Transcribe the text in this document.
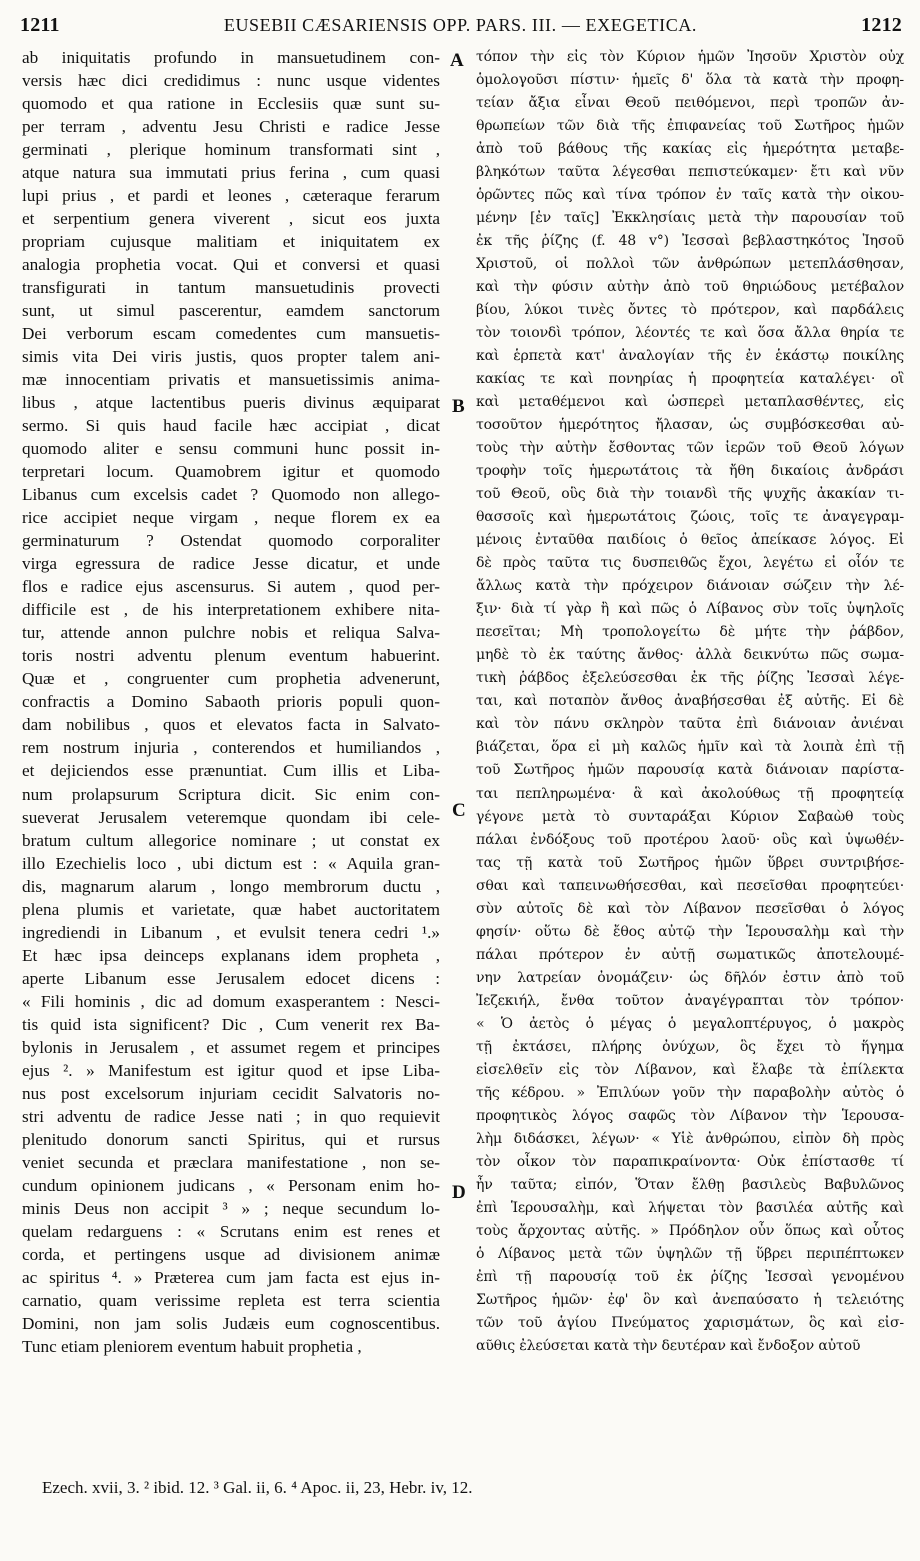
1211	EUSEBII CÆSARIENSIS OPP. PARS. III. — EXEGETICA.	1212
ab iniquitatis profundo in mansuetudinem con-
versis hæc dici credidimus : nunc usque videntes
quomodo et qua ratione in Ecclesiis quæ sunt su-
per terram , adventu Jesu Christi e radice Jesse
germinati , plerique hominum transformati sint ,
atque natura sua immutati prius ferina , cum quasi
lupi prius , et pardi et leones , cæteraque ferarum
et serpentium genera viverent , sicut eos juxta
propriam cujusque malitiam et iniquitatem ex
analogia prophetia vocat. Qui et conversi et quasi
transfigurati in tantum mansuetudinis provecti
sunt, ut simul pascerentur, eamdem sanctorum
Dei verborum escam comedentes cum mansuetis-
simis vita Dei viris justis, quos propter talem ani-
mæ innocentiam privatis et mansuetissimis anima-
libus , atque lactentibus pueris divinus æquiparat
sermo. Si quis haud facile hæc accipiat , dicat
quomodo aliter e sensu communi hunc possit in-
terpretari locum. Quamobrem igitur et quomodo
Libanus cum excelsis cadet ? Quomodo non allego-
rice accipiet neque virgam , neque florem ex ea
germinaturum ? Ostendat quomodo corporaliter
virga egressura de radice Jesse dicatur, et unde
flos e radice ejus ascensurus. Si autem , quod per-
difficile est , de his interpretationem exhibere nita-
tur, attende annon pulchre nobis et reliqua Salva-
toris nostri adventu plenum eventum habuerint.
Quæ et , congruenter cum prophetia advenerunt,
confractis a Domino Sabaoth prioris populi quon-
dam nobilibus , quos et elevatos facta in Salvato-
rem nostrum injuria , conterendos et humiliandos ,
et dejiciendos esse prænuntiat. Cum illis et Liba-
num prolapsurum Scriptura dicit. Sic enim con-
sueverat Jerusalem veteremque quondam ibi cele-
bratum cultum allegorice nominare ; ut constat ex
illo Ezechielis loco , ubi dictum est : « Aquila gran-
dis, magnarum alarum , longo membrorum ductu ,
plena plumis et varietate, quæ habet auctoritatem
ingrediendi in Libanum , et evulsit tenera cedri ¹.»
Et hæc ipsa deinceps explanans idem propheta ,
aperte Libanum esse Jerusalem edocet dicens :
« Fili hominis , dic ad domum exasperantem : Nesci-
tis quid ista significent? Dic , Cum venerit rex Ba-
bylonis in Jerusalem , et assumet regem et principes
ejus ². » Manifestum est igitur quod et ipse Liba-
nus post excelsorum injuriam cecidit Salvatoris no-
stri adventu de radice Jesse nati ; in quo requievit
plenitudo donorum sancti Spiritus, qui et rursus
veniet secunda et præclara manifestatione , non se-
cundum opinionem judicans , « Personam enim ho-
minis Deus non accipit ³ » ; neque secundum lo-
quelam redarguens : « Scrutans enim est renes et
corda, et pertingens usque ad divisionem animæ
ac spiritus ⁴. » Præterea cum jam facta est ejus in-
carnatio, quam verissime repleta est terra scientia
Domini, non jam solis Judæis eum cognoscentibus.
Tunc etiam pleniorem eventum habuit prophetia ,
τόπον τὴν εἰς τὸν Κύριον ἡμῶν Ἰησοῦν Χριστὸν οὐχ
ὁμολογοῦσι πίστιν· ἡμεῖς δ' ὅλα τὰ κατὰ τὴν προφη-
τείαν ἄξια εἶναι Θεοῦ πειθόμενοι, περὶ τροπῶν ἀν-
θρωπείων τῶν διὰ τῆς ἐπιφανείας τοῦ Σωτῆρος ἡμῶν
ἀπὸ τοῦ βάθους τῆς κακίας εἰς ἡμερότητα μεταβε-
βληκότων ταῦτα λέγεσθαι πεπιστεύκαμεν· ἔτι καὶ νῦν
ὁρῶντες πῶς καὶ τίνα τρόπον ἐν ταῖς κατὰ τὴν οἰκου-
μένην [ἐν ταῖς] Ἐκκλησίαις μετὰ τὴν παρουσίαν τοῦ
ἐκ τῆς ῥίζης (f. 48 v°) Ἰεσσαὶ βεβλαστηκότος Ἰησοῦ
Χριστοῦ, οἱ πολλοὶ τῶν ἀνθρώπων μετεπλάσθησαν,
καὶ τὴν φύσιν αὐτὴν ἀπὸ τοῦ θηριώδους μετέβαλον
βίου, λύκοι τινὲς ὄντες τὸ πρότερον, καὶ παρδάλεις
τὸν τοιονδὶ τρόπον, λέοντές τε καὶ ὅσα ἄλλα θηρία τε
καὶ ἑρπετὰ κατ' ἀναλογίαν τῆς ἐν ἑκάστῳ ποικίλης
κακίας τε καὶ πονηρίας ἡ προφητεία καταλέγει· οἳ
καὶ μεταθέμενοι καὶ ὡσπερεὶ μεταπλασθέντες, εἰς
τοσοῦτον ἡμερότητος ἤλασαν, ὡς συμβόσκεσθαι αὐ-
τοὺς τὴν αὐτὴν ἔσθοντας τῶν ἱερῶν τοῦ Θεοῦ λόγων
τροφὴν τοῖς ἡμερωτάτοις τὰ ἤθη δικαίοις ἀνδράσι
τοῦ Θεοῦ, οὓς διὰ τὴν τοιανδὶ τῆς ψυχῆς ἀκακίαν τι-
θασσοῖς καὶ ἡμερωτάτοις ζώοις, τοῖς τε ἀναγεγραμ-
μένοις ἐνταῦθα παιδίοις ὁ θεῖος ἀπείκασε λόγος. Εἰ
δὲ πρὸς ταῦτα τις δυσπειθῶς ἔχοι, λεγέτω εἰ οἷόν τε
ἄλλως κατὰ τὴν πρόχειρον διάνοιαν σώζειν τὴν λέ-
ξιν· διὰ τί γὰρ ἢ καὶ πῶς ὁ Λίβανος σὺν τοῖς ὑψηλοῖς
πεσεῖται; Μὴ τροπολογείτω δὲ μήτε τὴν ῥάβδον,
μηδὲ τὸ ἐκ ταύτης ἄνθος· ἀλλὰ δεικνύτω πῶς σωμα-
τικὴ ῥάβδος ἐξελεύσεσθαι ἐκ τῆς ῥίζης Ἰεσσαὶ λέγε-
ται, καὶ ποταπὸν ἄνθος ἀναβήσεσθαι ἐξ αὐτῆς. Εἰ δὲ
καὶ τὸν πάνυ σκληρὸν ταῦτα ἐπὶ διάνοιαν ἀνιέναι
βιάζεται, ὅρα εἰ μὴ καλῶς ἡμῖν καὶ τὰ λοιπὰ ἐπὶ τῇ
τοῦ Σωτῆρος ἡμῶν παρουσίᾳ κατὰ διάνοιαν παρίστα-
ται πεπληρωμένα· ἃ καὶ ἀκολούθως τῇ προφητείᾳ
γέγονε μετὰ τὸ συνταράξαι Κύριον Σαβαὼθ τοὺς
πάλαι ἐνδόξους τοῦ προτέρου λαοῦ· οὓς καὶ ὑψωθέν-
τας τῇ κατὰ τοῦ Σωτῆρος ἡμῶν ὕβρει συντριβήσε-
σθαι καὶ ταπεινωθήσεσθαι, καὶ πεσεῖσθαι προφητεύει·
σὺν αὐτοῖς δὲ καὶ τὸν Λίβανον πεσεῖσθαι ὁ λόγος
φησίν· οὕτω δὲ ἔθος αὐτῷ τὴν Ἱερουσαλὴμ καὶ τὴν
πάλαι πρότερον ἐν αὐτῇ σωματικῶς ἀποτελουμέ-
νην λατρείαν ὀνομάζειν· ὡς δῆλόν ἐστιν ἀπὸ τοῦ
Ἰεζεκιήλ, ἔνθα τοῦτον ἀναγέγραπται τὸν τρόπον·
« Ὁ ἀετὸς ὁ μέγας ὁ μεγαλοπτέρυγος, ὁ μακρὸς
τῇ ἐκτάσει, πλήρης ὀνύχων, ὃς ἔχει τὸ ἥγημα
εἰσελθεῖν εἰς τὸν Λίβανον, καὶ ἔλαβε τὰ ἐπίλεκτα
τῆς κέδρου. » Ἐπιλύων γοῦν τὴν παραβολὴν αὐτὸς ὁ
προφητικὸς λόγος σαφῶς τὸν Λίβανον τὴν Ἱερουσα-
λὴμ διδάσκει, λέγων· « Υἱὲ ἀνθρώπου, εἰπὸν δὴ πρὸς
τὸν οἶκον τὸν παραπικραίνοντα· Οὐκ ἐπίστασθε τί
ἦν ταῦτα; εἰπόν, Ὅταν ἔλθῃ βασιλεὺς Βαβυλῶνος
ἐπὶ Ἱερουσαλὴμ, καὶ λήψεται τὸν βασιλέα αὐτῆς καὶ
τοὺς ἄρχοντας αὐτῆς. » Πρόδηλον οὖν ὅπως καὶ οὗτος
ὁ Λίβανος μετὰ τῶν ὑψηλῶν τῇ ὕβρει περιπέπτωκεν
ἐπὶ τῇ παρουσίᾳ τοῦ ἐκ ῥίζης Ἰεσσαὶ γενομένου
Σωτῆρος ἡμῶν· ἐφ' ὃν καὶ ἀνεπαύσατο ἡ τελειότης
τῶν τοῦ ἁγίου Πνεύματος χαρισμάτων, ὃς καὶ εἰσ-
αῦθις ἐλεύσεται κατὰ τὴν δευτέραν καὶ ἔνδοξον αὐτοῦ
A
B
C
D
Ezech. xvii, 3. ² ibid. 12. ³ Gal. ii, 6. ⁴ Apoc. ii, 23, Hebr. iv, 12.
